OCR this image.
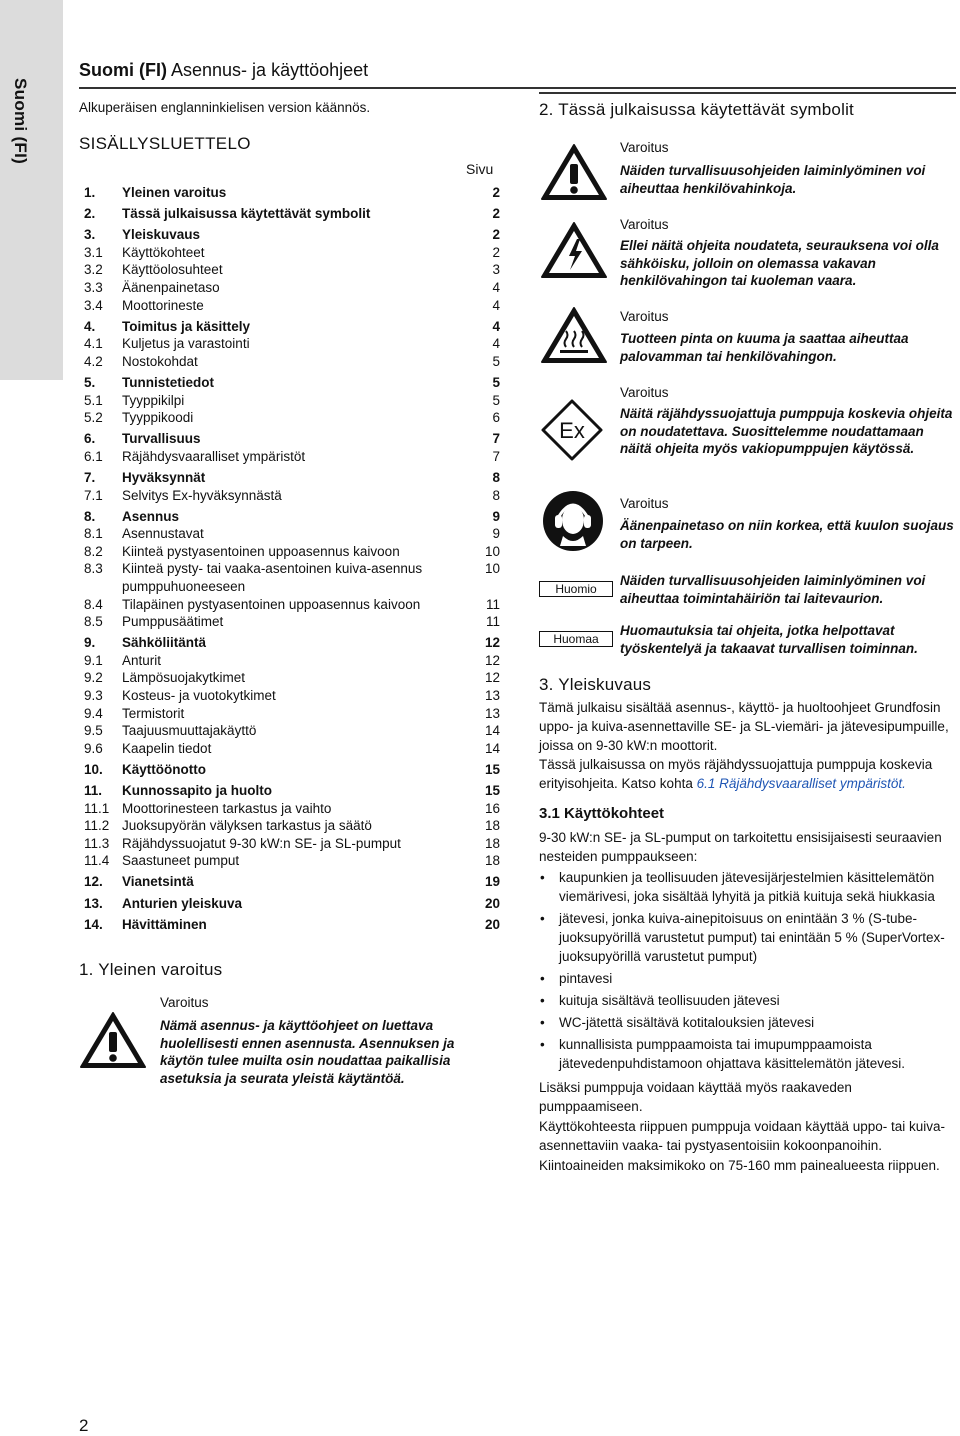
Suomi (FI)
Suomi (FI) Asennus- ja käyttöohjeet
Alkuperäisen englanninkielisen version käännös.
SISÄLLYSLUETTELO
Sivu
1. Yleinen varoitus	2
2. Tässä julkaisussa käytettävät symbolit	2
3. Yleiskuvaus	2
3.1 Käyttökohteet	2
3.2 Käyttöolosuhteet	3
3.3 Äänenpainetaso	4
3.4 Moottorineste	4
4. Toimitus ja käsittely	4
4.1 Kuljetus ja varastointi	4
4.2 Nostokohdat	5
5. Tunnistetiedot	5
5.1 Tyyppikilpi	5
5.2 Tyyppikoodi	6
6. Turvallisuus	7
6.1 Räjähdysvaaralliset ympäristöt	7
7. Hyväksynnät	8
7.1 Selvitys Ex-hyväksynnästä	8
8. Asennus	9
8.1 Asennustavat	9
8.2 Kiinteä pystyasentoinen uppoasennus kaivoon	10
8.3 Kiinteä pysty- tai vaaka-asentoinen kuiva-asennus pumppuhuoneeseen
10
8.4 Tilapäinen pystyasentoinen uppoasennus kaivoon	11
8.5 Pumppusäätimet	11
9. Sähköliitäntä	12
9.1 Anturit	12
9.2 Lämpösuojakytkimet	12
9.3 Kosteus- ja vuotokytkimet	13
9.4 Termistorit	13
9.5 Taajuusmuuttajakäyttö	14
9.6 Kaapelin tiedot	14
10. Käyttöönotto	15
11. Kunnossapito ja huolto	15
11.1 Moottorinesteen tarkastus ja vaihto	16
11.2 Juoksupyörän välyksen tarkastus ja säätö	18
11.3 Räjähdyssuojatut 9-30 kW:n SE- ja SL-pumput	18
11.4 Saastuneet pumput	18
12. Vianetsintä	19
13. Anturien yleiskuva	20
14. Hävittäminen	20
1. Yleinen varoitus
Varoitus
Nämä asennus- ja käyttöohjeet on luettava huolellisesti ennen asennusta. Asennuksen ja käytön tulee muilta osin noudattaa paikallisia asetuksia ja seurata yleistä käytäntöä.
2. Tässä julkaisussa käytettävät symbolit
Varoitus
Näiden turvallisuusohjeiden laiminlyöminen voi aiheuttaa henkilövahinkoja.
Varoitus
Ellei näitä ohjeita noudateta, seurauksena voi olla sähköisku, jolloin on olemassa vakavan henkilövahingon tai kuoleman vaara.
Varoitus
Tuotteen pinta on kuuma ja saattaa aiheuttaa palovamman tai henkilövahingon.
Ex
Varoitus
Näitä räjähdyssuojattuja pumppuja koskevia ohjeita on noudatettava. Suosittelemme noudattamaan näitä ohjeita myös vakiopumppujen käytössä.
Varoitus
Äänenpainetaso on niin korkea, että kuulon suojaus on tarpeen.
Huomio
Näiden turvallisuusohjeiden laiminlyöminen voi aiheuttaa toimintahäiriön tai laitevaurion.
Huomaa
Huomautuksia tai ohjeita, jotka helpottavat työskentelyä ja takaavat turvallisen toiminnan.
3. Yleiskuvaus
Tämä julkaisu sisältää asennus-, käyttö- ja huoltoohjeet Grundfosin uppo- ja kuiva-asennettaville SE- ja SL-viemäri- ja jätevesipumpuille, joissa on 9-30 kW:n moottorit.
Tässä julkaisussa on myös räjähdyssuojattuja pumppuja koskevia erityisohjeita. Katso kohta 6.1 Räjähdysvaaralliset ympäristöt.
3.1 Käyttökohteet
9-30 kW:n SE- ja SL-pumput on tarkoitettu ensisijaisesti seuraavien nesteiden pumppaukseen:
• kaupunkien ja teollisuuden jätevesijärjestelmien käsittelemätön viemärivesi, joka sisältää lyhyitä ja pitkiä kuituja sekä hiukkasia
• jätevesi, jonka kuiva-ainepitoisuus on enintään 3 % (S-tube-juoksupyörillä varustetut pumput) tai enintään 5 % (SuperVortex-juoksupyörillä varustetut pumput)
• pintavesi
• kuituja sisältävä teollisuuden jätevesi
• WC-jätettä sisältävä kotitalouksien jätevesi
• kunnallisista pumppaamoista tai imupumppaamoista jätevedenpuhdistamoon ohjattava käsittelemätön jätevesi.
Lisäksi pumppuja voidaan käyttää myös raakaveden pumppaamiseen.
Käyttökohteesta riippuen pumppuja voidaan käyttää uppo- tai kuiva-asennettaviin vaaka- tai pystyasentoisiin kokoonpanoihin.
Kiintoaineiden maksimikoko on 75-160 mm painealueesta riippuen.
2
